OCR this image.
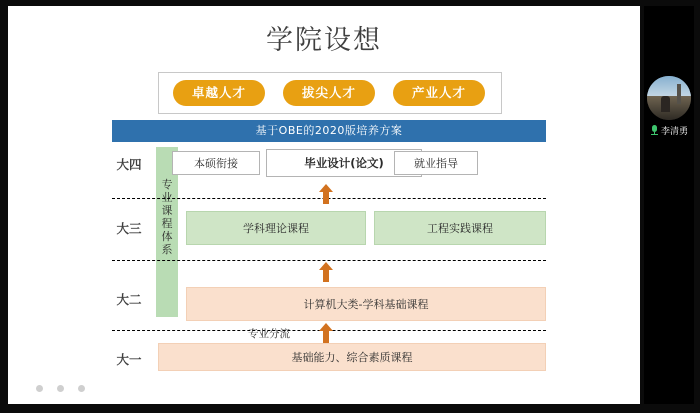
学院设想
卓越人才	拔尖人才	产业人才
基于OBE的2020版培养方案
大四
大三
大二
大一
专业课程体系
本硕衔接	毕业设计(论文)	就业指导
学科理论课程	工程实践课程
计算机大类-学科基础课程
基础能力、综合素质课程
专业分流
李清勇
